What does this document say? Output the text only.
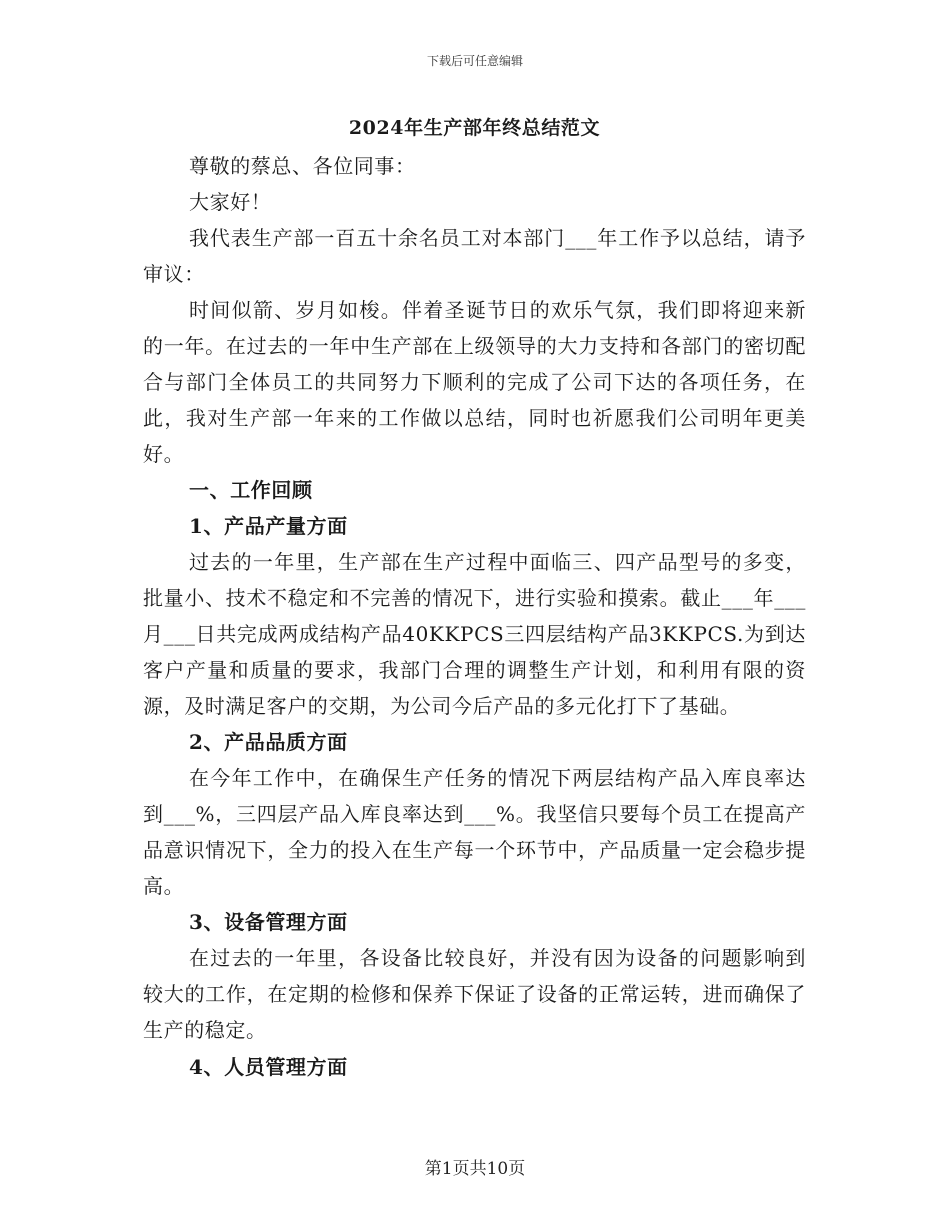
下载后可任意编辑
2024年生产部年终总结范文

尊敬的蔡总、各位同事：

大家好！

我代表生产部一百五十余名员工对本部门___年工作予以总结，请予审议：

时间似箭、岁月如梭。伴着圣诞节日的欢乐气氛，我们即将迎来新的一年。在过去的一年中生产部在上级领导的大力支持和各部门的密切配合与部门全体员工的共同努力下顺利的完成了公司下达的各项任务，在此，我对生产部一年来的工作做以总结，同时也祈愿我们公司明年更美好。

一、工作回顾

1、产品产量方面

过去的一年里，生产部在生产过程中面临三、四产品型号的多变，批量小、技术不稳定和不完善的情况下，进行实验和摸索。截止___年___月___日共完成两成结构产品40KKPCS三四层结构产品3KKPCS.为到达客户产量和质量的要求，我部门合理的调整生产计划，和利用有限的资源，及时满足客户的交期，为公司今后产品的多元化打下了基础。

2、产品品质方面

在今年工作中，在确保生产任务的情况下两层结构产品入库良率达到___%，三四层产品入库良率达到___%。我坚信只要每个员工在提高产品意识情况下，全力的投入在生产每一个环节中，产品质量一定会稳步提高。

3、设备管理方面

在过去的一年里，各设备比较良好，并没有因为设备的问题影响到较大的工作，在定期的检修和保养下保证了设备的正常运转，进而确保了生产的稳定。

4、人员管理方面

第1页共10页
